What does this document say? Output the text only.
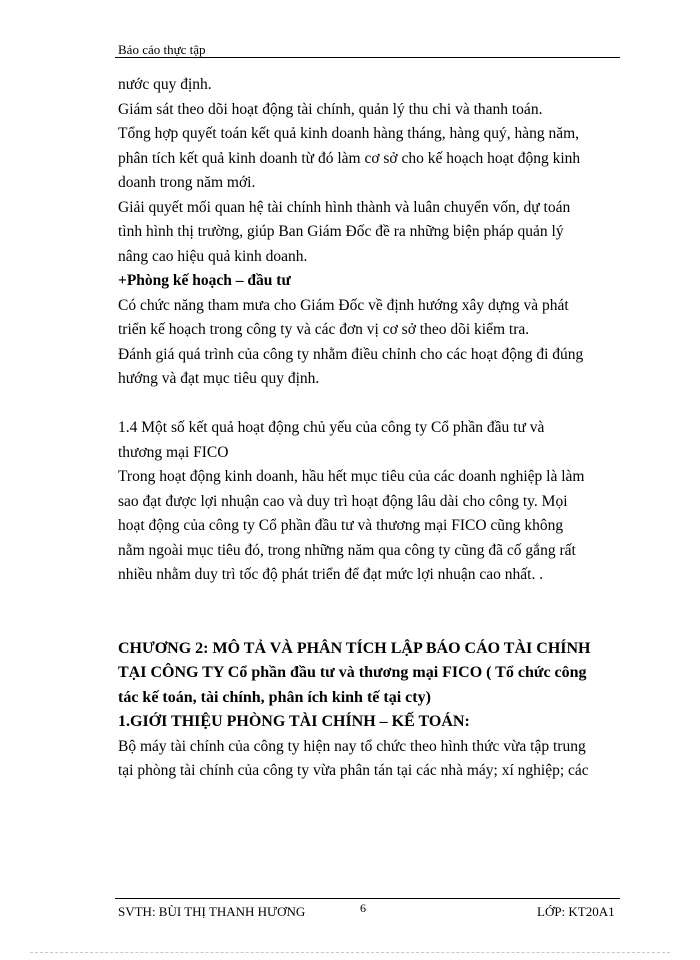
Báo cáo thực tập
nước quy định.
Giám sát theo dõi hoạt động tài chính, quản lý thu chi và thanh toán.
Tổng hợp quyết toán kết quả kinh doanh hàng tháng, hàng quý, hàng năm,
phân tích kết quả kinh doanh từ đó làm cơ sở cho kế hoạch hoạt động kinh
doanh trong năm mới.
Giải quyết mối quan hệ tài chính hình thành và luân chuyển vốn, dự toán
tình hình thị trường, giúp Ban Giám Đốc đề ra những biện pháp quản lý
nâng cao hiệu quả kinh doanh.
+Phòng kế hoạch – đầu tư
Có chức năng tham mưa cho Giám Đốc về định hướng xây dựng và phát
triển kế hoạch trong công ty và các đơn vị cơ sở theo dõi kiểm tra.
Đánh giá quá trình của công ty nhằm điều chỉnh cho các hoạt động đi đúng
hướng và đạt mục tiêu quy định.
1.4 Một số kết quả hoạt động chủ yếu của công ty Cổ phần đầu tư và
thương mại FICO
Trong hoạt động kinh doanh, hầu hết mục tiêu của các doanh nghiệp là làm
sao đạt được lợi nhuận cao và duy trì hoạt động lâu dài cho công ty. Mọi
hoạt động của công ty Cổ phần đầu tư và thương mại FICO cũng không
nằm ngoài mục tiêu đó, trong những năm qua công ty cũng đã cố gắng rất
nhiều nhằm duy trì tốc độ phát triển để đạt mức lợi nhuận cao nhất. .
CHƯƠNG 2: MÔ TẢ VÀ PHÂN TÍCH LẬP BÁO CÁO TÀI CHÍNH
TẠI CÔNG TY Cổ phần đầu tư và thương mại FICO ( Tổ chức công
tác kế toán, tài chính, phân ích kinh tế tại cty)
1.GIỚI THIỆU PHÒNG TÀI CHÍNH – KẾ TOÁN:
Bộ máy tài chính của công ty hiện nay tổ chức theo hình thức vừa tập trung
tại phòng tài chính của công ty vừa phân tán tại các nhà máy; xí nghiệp; các
SVTH: BÙI THỊ THANH HƯƠNG	6	LỚP: KT20A1
